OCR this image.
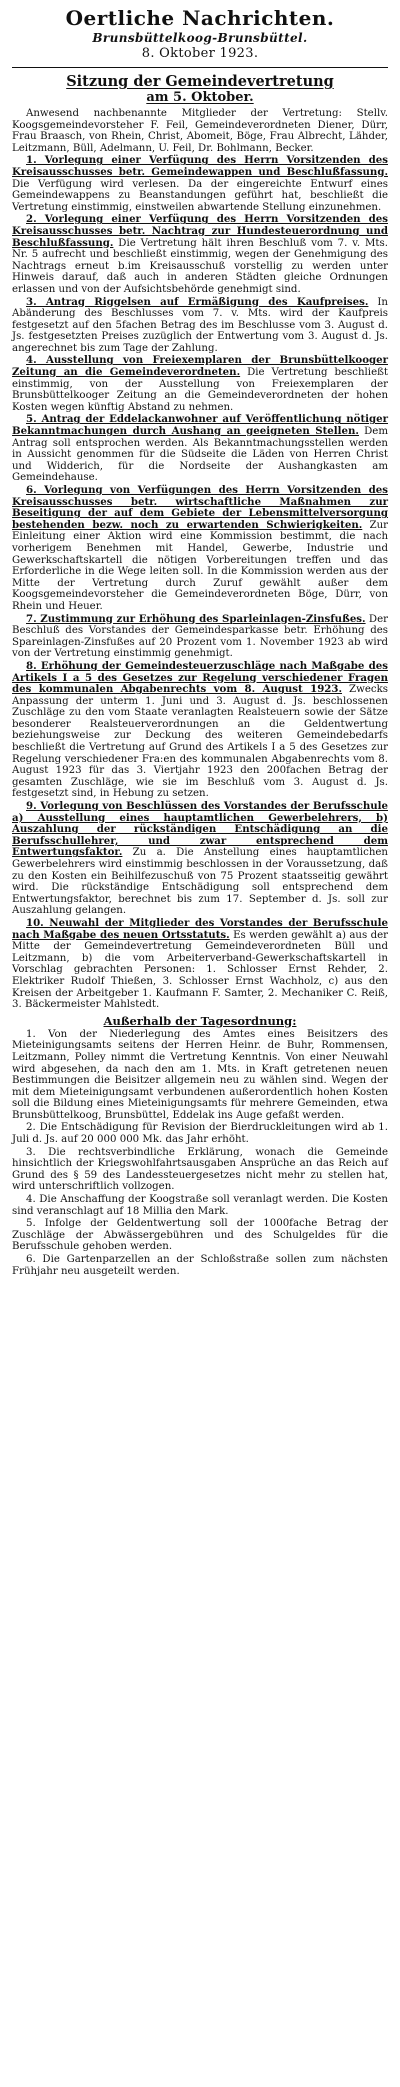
Oertliche Nachrichten.
Brunsbüttelkoog-Brunsbüttel.
8. Oktober 1923.
Sitzung der Gemeindevertretung
am 5. Oktober.

Anwesend nachbenannte Mitglieder der Vertretung: Stellv. Koogsgemeindevorsteher F. Feil, Gemeindeverordneten Diener, Dürr, Frau Braasch, von Rhein, Christ, Abomeit, Böge, Frau Albrecht, Lähder, Leitzmann, Büll, Adelmann, U. Feil, Dr. Bohlmann, Becker.

1. Vorlegung einer Verfügung des Herrn Vorsitzenden des Kreisausschusses betr. Gemeindewappen und Beschlußfassung. Die Verfügung wird verlesen. Da der eingereichte Entwurf eines Gemeindewappens zu Beanstandungen geführt hat, beschließt die Vertretung einstimmig, einstweilen abwartende Stellung einzunehmen.

2. Vorlegung einer Verfügung des Herrn Vorsitzenden des Kreisausschusses betr. Nachtrag zur Hundesteuerordnung und Beschlußfassung. Die Vertretung hält ihren Beschluß vom 7. v. Mts. Nr. 5 aufrecht und beschließt einstimmig, wegen der Genehmigung des Nachtrags erneut b.im Kreisausschuß vorstellig zu werden unter Hinweis darauf, daß auch in anderen Städten gleiche Ordnungen erlassen und von der Aufsichtsbehörde genehmigt sind.

3. Antrag Riggelsen auf Ermäßigung des Kaufpreises. In Abänderung des Beschlusses vom 7. v. Mts. wird der Kaufpreis festgesetzt auf den 5fachen Betrag des im Beschlusse vom 3. August d. Js. festgesetzten Preises zuzüglich der Entwertung vom 3. August d. Js. angerechnet bis zum Tage der Zahlung.

4. Ausstellung von Freiexemplaren der Brunsbüttelkooger Zeitung an die Gemeindeverordneten. Die Vertretung beschließt einstimmig, von der Ausstellung von Freiexemplaren der Brunsbüttelkooger Zeitung an die Gemeindeverordneten der hohen Kosten wegen künftig Abstand zu nehmen.

5. Antrag der Eddelackanwohner auf Veröffentlichung nötiger Bekanntmachungen durch Aushang an geeigneten Stellen. Dem Antrag soll entsprochen werden. Als Bekanntmachungsstellen werden in Aussicht genommen für die Südseite die Läden von Herren Christ und Widderich, für die Nordseite der Aushangkasten am Gemeindehause.

6. Vorlegung von Verfügungen des Herrn Vorsitzenden des Kreisausschusses betr. wirtschaftliche Maßnahmen zur Beseitigung der auf dem Gebiete der Lebensmittelversorgung bestehenden bezw. noch zu erwartenden Schwierigkeiten. Zur Einleitung einer Aktion wird eine Kommission bestimmt, die nach vorherigem Benehmen mit Handel, Gewerbe, Industrie und Gewerkschaftskartell die nötigen Vorbereitungen treffen und das Erforderliche in die Wege leiten soll. In die Kommission werden aus der Mitte der Vertretung durch Zuruf gewählt außer dem Koogsgemeindevorsteher die Gemeindeverordneten Böge, Dürr, von Rhein und Heuer.

7. Zustimmung zur Erhöhung des Sparleinlagen-Zinsfußes. Der Beschluß des Vorstandes der Gemeindesparkasse betr. Erhöhung des Spareinlagen-Zinsfußes auf 20 Prozent vom 1. November 1923 ab wird von der Vertretung einstimmig genehmigt.

8. Erhöhung der Gemeindesteuerzuschläge nach Maßgabe des Artikels I a 5 des Gesetzes zur Regelung verschiedener Fragen des kommunalen Abgabenrechts vom 8. August 1923. Zwecks Anpassung der unterm 1. Juni und 3. August d. Js. beschlossenen Zuschläge zu den vom Staate veranlagten Realsteuern sowie der Sätze besonderer Realsteuerverordnungen an die Geldentwertung beziehungsweise zur Deckung des weiteren Gemeindebedarfs beschließt die Vertretung auf Grund des Artikels I a 5 des Gesetzes zur Regelung verschiedener Fra:en des kommunalen Abgabenrechts vom 8. August 1923 für das 3. Viertjahr 1923 den 200fachen Betrag der gesamten Zuschläge, wie sie im Beschluß vom 3. August d. Js. festgesetzt sind, in Hebung zu setzen.

9. Vorlegung von Beschlüssen des Vorstandes der Berufsschule a) Ausstellung eines hauptamtlichen Gewerbelehrers, b) Auszahlung der rückständigen Entschädigung an die Berufsschullehrer, und zwar entsprechend dem Entwertungsfaktor. Zu a. Die Anstellung eines hauptamtlichen Gewerbelehrers wird einstimmig beschlossen in der Voraussetzung, daß zu den Kosten ein Beihilfezuschuß von 75 Prozent staatsseitig gewährt wird. Die rückständige Entschädigung soll entsprechend dem Entwertungsfaktor, berechnet bis zum 17. September d. Js. soll zur Auszahlung gelangen.

10. Neuwahl der Mitglieder des Vorstandes der Berufsschule nach Maßgabe des neuen Ortsstatuts. Es werden gewählt a) aus der Mitte der Gemeindevertretung Gemeindeverordneten Büll und Leitzmann, b) die vom Arbeiterverband-Gewerkschaftskartell in Vorschlag gebrachten Personen: 1. Schlosser Ernst Rehder, 2. Elektriker Rudolf Thießen, 3. Schlosser Ernst Wachholz, c) aus den Kreisen der Arbeitgeber 1. Kaufmann F. Samter, 2. Mechaniker C. Reiß, 3. Bäckermeister Mahlstedt.

Außerhalb der Tagesordnung:

1. Von der Niederlegung des Amtes eines Beisitzers des Mieteinigungsamts seitens der Herren Heinr. de Buhr, Rommensen, Leitzmann, Polley nimmt die Vertretung Kenntnis. Von einer Neuwahl wird abgesehen, da nach den am 1. Mts. in Kraft getretenen neuen Bestimmungen die Beisitzer allgemein neu zu wählen sind. Wegen der mit dem Mieteinigungsamt verbundenen außerordentlich hohen Kosten soll die Bildung eines Mieteinigungsamts für mehrere Gemeinden, etwa Brunsbüttelkoog, Brunsbüttel, Eddelak ins Auge gefaßt werden.

2. Die Entschädigung für Revision der Bierdruckleitungen wird ab 1. Juli d. Js. auf 20 000 000 Mk. das Jahr erhöht.

3. Die rechtsverbindliche Erklärung, wonach die Gemeinde hinsichtlich der Kriegswohlfahrtsausgaben Ansprüche an das Reich auf Grund des § 59 des Landessteuergesetzes nicht mehr zu stellen hat, wird unterschriftlich vollzogen.

4. Die Anschaffung der Koogstraße soll veranlagt werden. Die Kosten sind veranschlagt auf 18 Millia den Mark.

5. Infolge der Geldentwertung soll der 1000fache Betrag der Zuschläge der Abwässergebühren und des Schulgeldes für die Berufsschule gehoben werden.

6. Die Gartenparzellen an der Schloßstraße sollen zum nächsten Frühjahr neu ausgeteilt werden.
